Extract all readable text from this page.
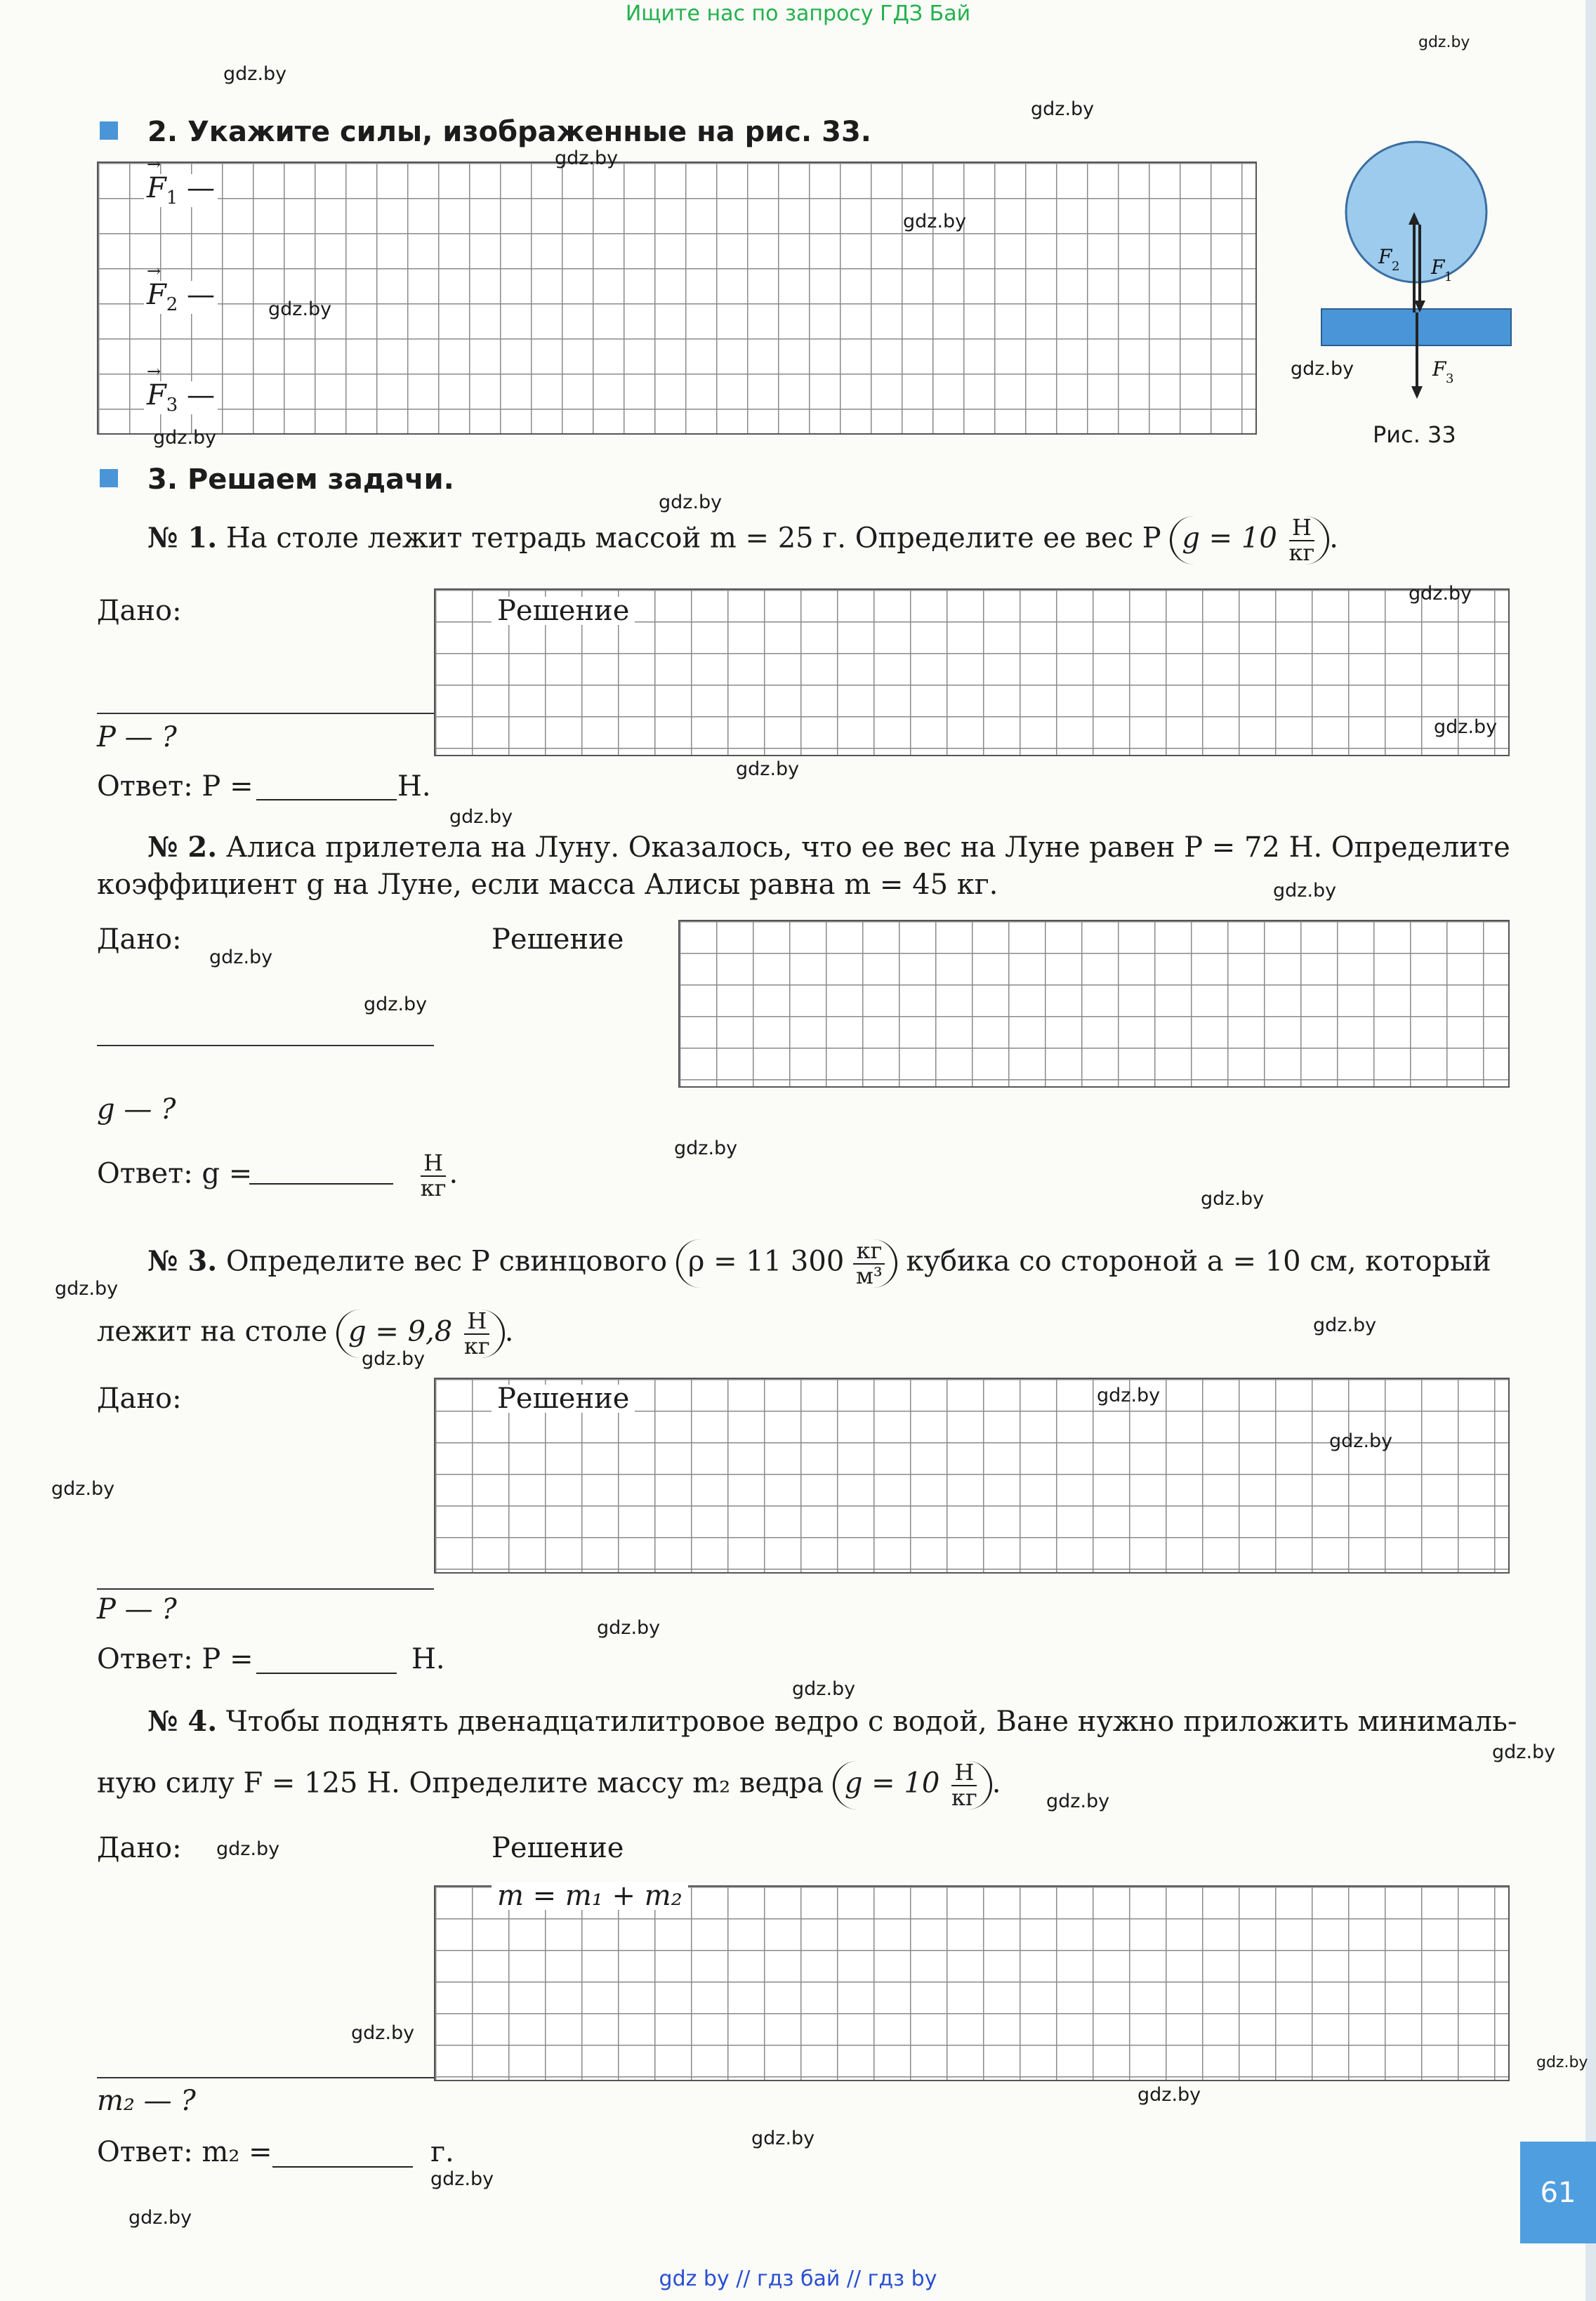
61
Ищите нас по запросу ГДЗ Бай
gdz by // гдз бай // гдз by
2. Укажите силы, изображенные на рис. 33.
→ $F_1$ —
→ $F_2$ —
→ $F_3$ —
F 2 F 1
F 3
Рис. 33
3. Решаем задачи.
№ 1. На столе лежит тетрадь массой m = 25 г. Определите ее вес P $g = 10 \frac{Н}{кг}$ .
Дано:	Решение
P — ?
Ответ: P =	Н.
№ 2. Алиса прилетела на Луну. Оказалось, что ее вес на Луне равен P = 72 Н. Определите
коэффициент g на Луне, если масса Алисы равна m = 45 кг.
Дано:	Решение
g — ?
Ответ: g =	$\frac{Н}{кг}$ .
№ 3. Определите вес P свинцового ρ = 11 $300 \frac{кг}{\text{м³}}$ кубика со стороной a = 10 см, который
лежит на столе $g = 9,8 \frac{Н}{кг}$ .
Дано:	Решение
P — ?
Ответ: P =	Н.
№ 4. Чтобы поднять двенадцатилитровое ведро с водой, Ване нужно приложить минималь-
ную силу F = 125 Н. Определите массу m₂ ведра $g = 10 \frac{Н}{кг}$ .
Дано:	Решение
m = m₁ + m₂
m₂ — ?
Ответ: m₂ =	г.
gdz.by
gdz.by
gdz.by
gdz.by
gdz.by
gdz.by
gdz.by
gdz.by
gdz.by
gdz.by
gdz.by
gdz.by
gdz.by
gdz.by
gdz.by
gdz.by
gdz.by
gdz.by
gdz.by
gdz.by
gdz.by
gdz.by
gdz.by
gdz.by
gdz.by
gdz.by
gdz.by
gdz.by
gdz.by
gdz.by
gdz.by
gdz.by
gdz.by
gdz.by
gdz.by
